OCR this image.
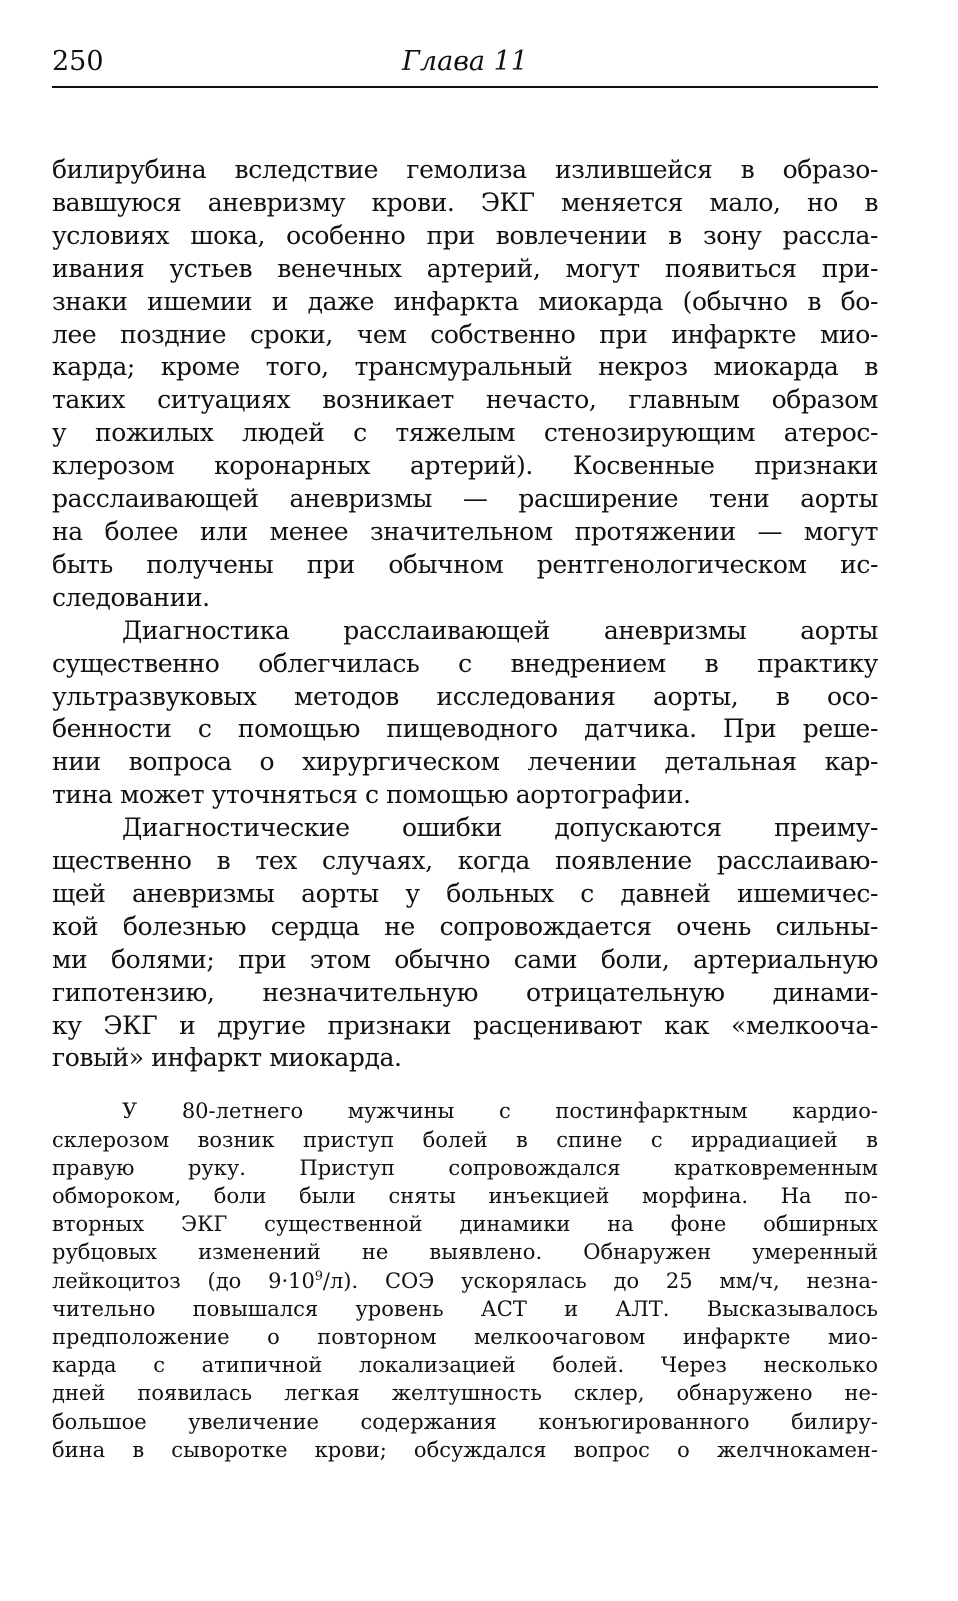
250	Глава 11
билирубина вследствие гемолиза излившейся в образо-
вавшуюся аневризму крови. ЭКГ меняется мало, но в
условиях шока, особенно при вовлечении в зону рассла-
ивания устьев венечных артерий, могут появиться при-
знаки ишемии и даже инфаркта миокарда (обычно в бо-
лее поздние сроки, чем собственно при инфаркте мио-
карда; кроме того, трансмуральный некроз миокарда в
таких ситуациях возникает нечасто, главным образом
у пожилых людей с тяжелым стенозирующим атерос-
клерозом коронарных артерий). Косвенные признаки
расслаивающей аневризмы — расширение тени аорты
на более или менее значительном протяжении — могут
быть получены при обычном рентгенологическом ис-
следовании.
Диагностика расслаивающей аневризмы аорты
существенно облегчилась с внедрением в практику
ультразвуковых методов исследования аорты, в осо-
бенности с помощью пищеводного датчика. При реше-
нии вопроса о хирургическом лечении детальная кар-
тина может уточняться с помощью аортографии.
Диагностические ошибки допускаются преиму-
щественно в тех случаях, когда появление расслаиваю-
щей аневризмы аорты у больных с давней ишемичес-
кой болезнью сердца не сопровождается очень сильны-
ми болями; при этом обычно сами боли, артериальную
гипотензию, незначительную отрицательную динами-
ку ЭКГ и другие признаки расценивают как «мелкоочa-
говый» инфаркт миокарда.
У 80-летнего мужчины с постинфарктным кардио-
склерозом возник приступ болей в спине с иррадиацией в
правую руку. Приступ сопровождался кратковременным
обмороком, боли были сняты инъекцией морфина. На по-
вторных ЭКГ существенной динамики на фоне обширных
рубцовых изменений не выявлено. Обнаружен умеренный
лейкоцитоз (до $9\cdot 10^9/л$). СОЭ ускорялась до 25 мм/ч, незна-
чительно повышался уровень АСТ и АЛТ. Высказывалось
предположение о повторном мелкоочаговом инфаркте мио-
карда с атипичной локализацией болей. Через несколько
дней появилась легкая желтушность склер, обнаружено не-
большое увеличение содержания конъюгированного билиру-
бина в сыворотке крови; обсуждался вопрос о желчнокамен-
